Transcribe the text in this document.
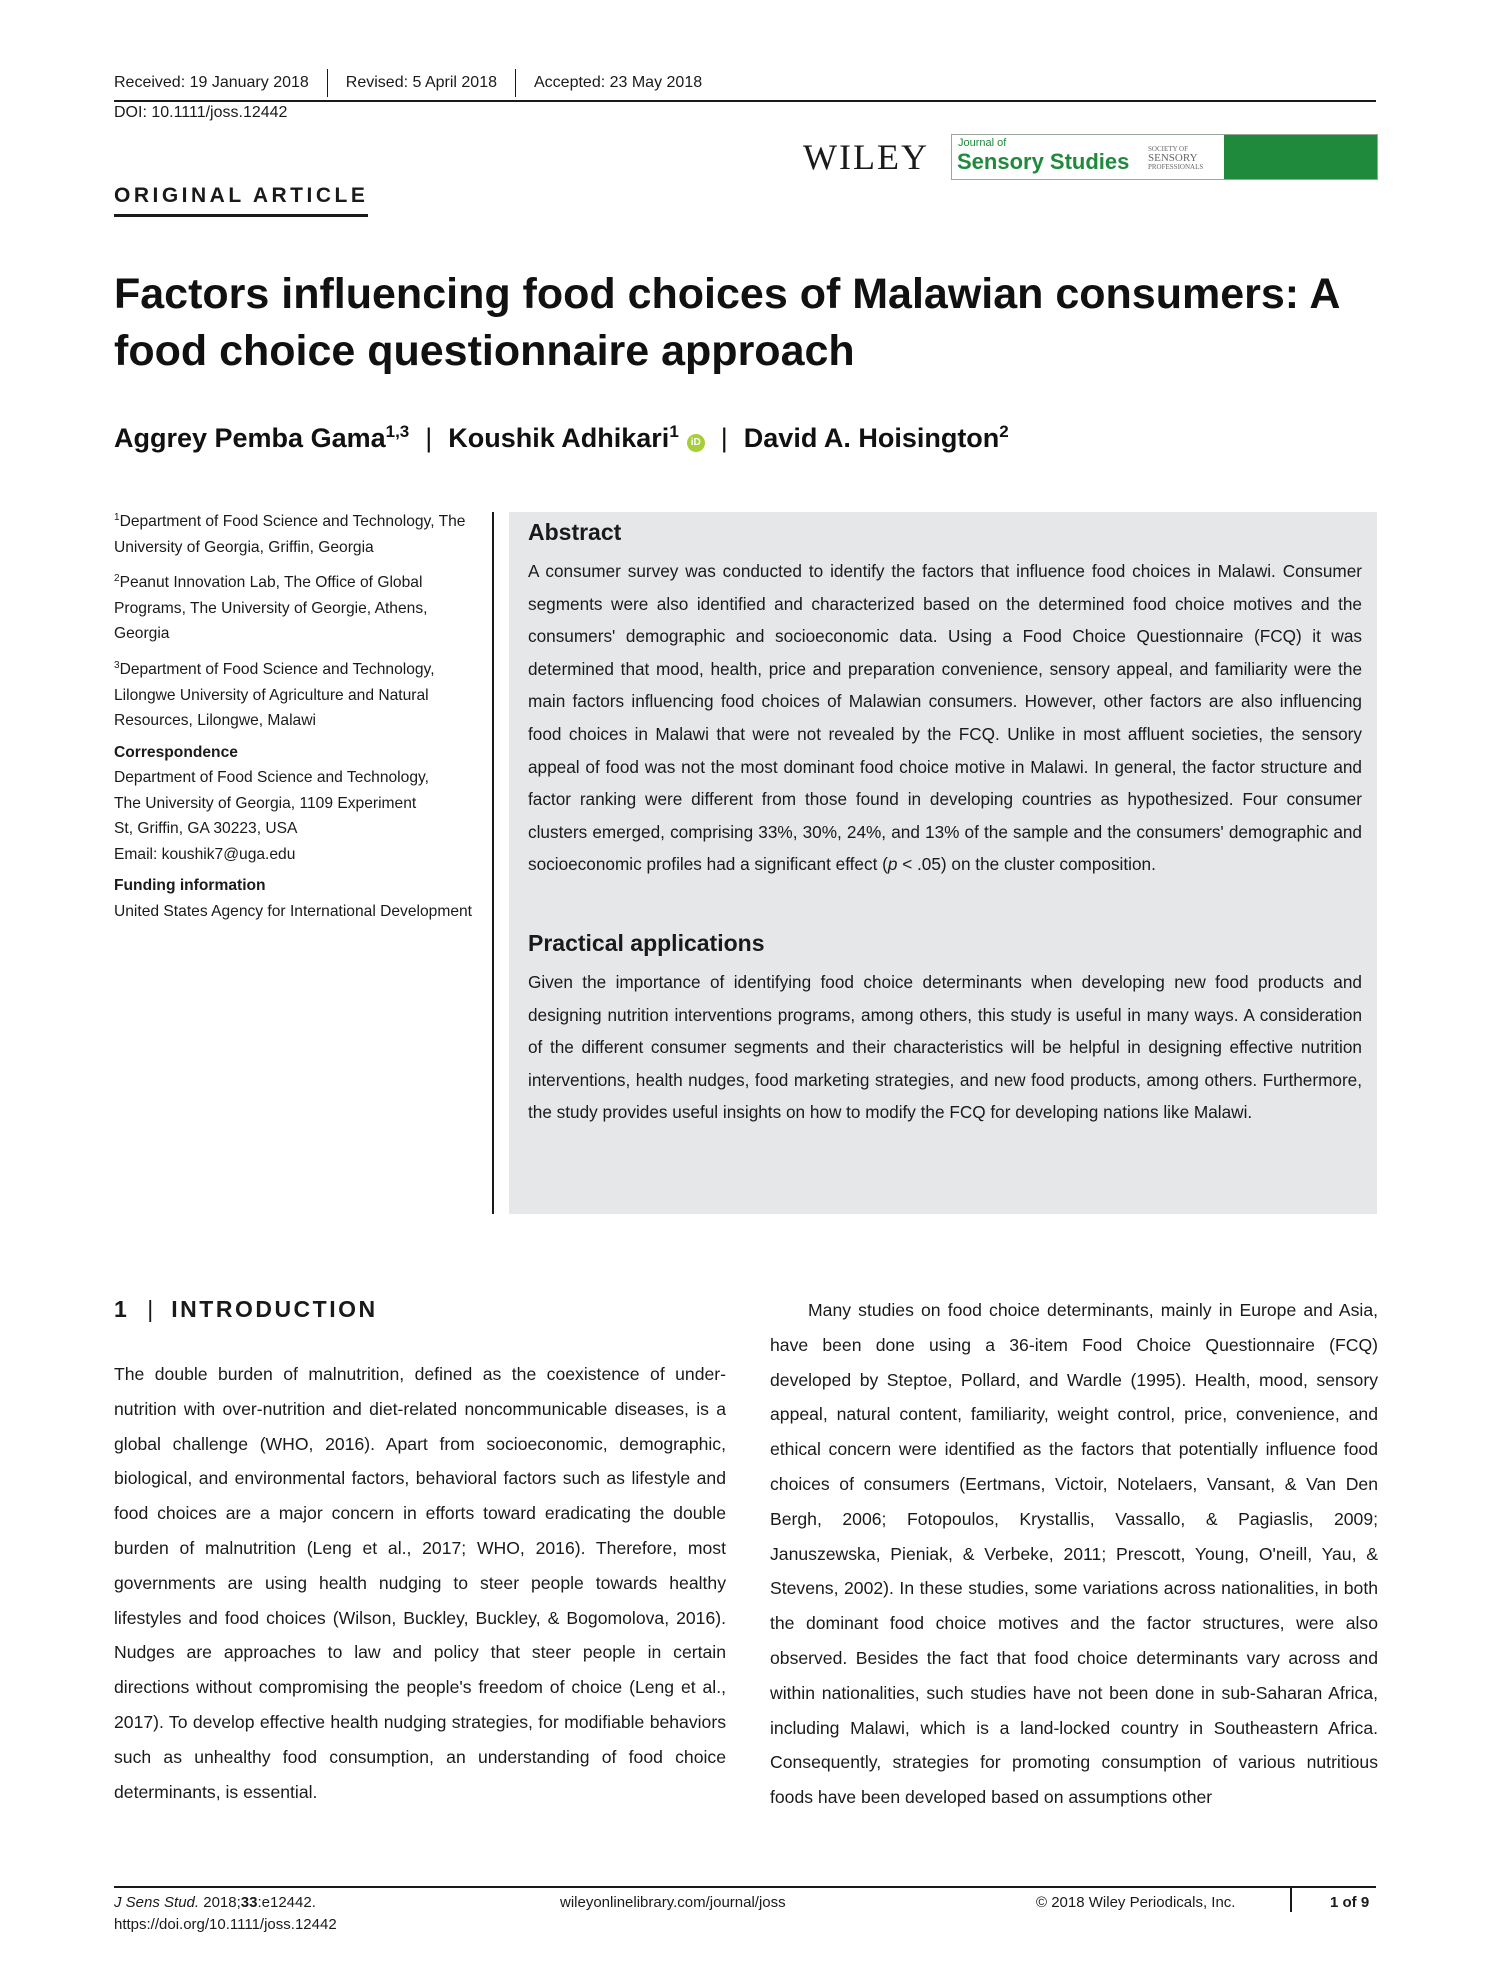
Received: 19 January 2018	Revised: 5 April 2018	Accepted: 23 May 2018
DOI: 10.1111/joss.12442
ORIGINAL ARTICLE
WILEY	Journal of
Sensory Studies	SOCIETY OF
SENSORY
PROFESSIONALS
Factors influencing food choices of Malawian consumers: A food choice questionnaire approach
Aggrey Pemba Gama$^{1,3}$ | Koushik Adhikari$^1$
iD | David A. Hoisington$^2$

$^1$Department of Food Science and Technology, The University of Georgia, Griffin, Georgia

$^2$Peanut Innovation Lab, The Office of Global Programs, The University of Georgie, Athens, Georgia

$^3$Department of Food Science and Technology, Lilongwe University of Agriculture and Natural Resources, Lilongwe, Malawi

Correspondence
Department of Food Science and Technology,
The University of Georgia, 1109 Experiment
St, Griffin, GA 30223, USA
Email: koushik7@uga.edu
Funding information
United States Agency for International Development
Abstract

A consumer survey was conducted to identify the factors that influence food choices in Malawi. Consumer segments were also identified and characterized based on the determined food choice motives and the consumers' demographic and socioeconomic data. Using a Food Choice Questionnaire (FCQ) it was determined that mood, health, price and preparation convenience, sensory appeal, and familiarity were the main factors influencing food choices of Malawian consumers. However, other factors are also influencing food choices in Malawi that were not revealed by the FCQ. Unlike in most affluent societies, the sensory appeal of food was not the most dominant food choice motive in Malawi. In general, the factor structure and factor ranking were different from those found in developing countries as hypothesized. Four consumer clusters emerged, comprising 33%, 30%, 24%, and 13% of the sample and the consumers' demographic and socioeconomic profiles had a significant effect (p < .05) on the cluster composition.

Practical applications

Given the importance of identifying food choice determinants when developing new food products and designing nutrition interventions programs, among others, this study is useful in many ways. A consideration of the different consumer segments and their characteristics will be helpful in designing effective nutrition interventions, health nudges, food marketing strategies, and new food products, among others. Furthermore, the study provides useful insights on how to modify the FCQ for developing nations like Malawi.

1 | INTRODUCTION

The double burden of malnutrition, defined as the coexistence of under-nutrition with over-nutrition and diet-related noncommunicable diseases, is a global challenge (WHO, 2016). Apart from socioeconomic, demographic, biological, and environmental factors, behavioral factors such as lifestyle and food choices are a major concern in efforts toward eradicating the double burden of malnutrition (Leng et al., 2017; WHO, 2016). Therefore, most governments are using health nudging to steer people towards healthy lifestyles and food choices (Wilson, Buckley, Buckley, & Bogomolova, 2016). Nudges are approaches to law and policy that steer people in certain directions without compromising the people's freedom of choice (Leng et al., 2017). To develop effective health nudging strategies, for modifiable behaviors such as unhealthy food consumption, an understanding of food choice determinants, is essential.

Many studies on food choice determinants, mainly in Europe and Asia, have been done using a 36-item Food Choice Questionnaire (FCQ) developed by Steptoe, Pollard, and Wardle (1995). Health, mood, sensory appeal, natural content, familiarity, weight control, price, convenience, and ethical concern were identified as the factors that potentially influence food choices of consumers (Eertmans, Victoir, Notelaers, Vansant, & Van Den Bergh, 2006; Fotopoulos, Krystallis, Vassallo, & Pagiaslis, 2009; Januszewska, Pieniak, & Verbeke, 2011; Prescott, Young, O'neill, Yau, & Stevens, 2002). In these studies, some variations across nationalities, in both the dominant food choice motives and the factor structures, were also observed. Besides the fact that food choice determinants vary across and within nationalities, such studies have not been done in sub-Saharan Africa, including Malawi, which is a land-locked country in Southeastern Africa. Consequently, strategies for promoting consumption of various nutritious foods have been developed based on assumptions other

J Sens Stud. 2018;33:e12442.
https://doi.org/10.1111/joss.12442
wileyonlinelibrary.com/journal/joss	© 2018 Wiley Periodicals, Inc.	1 of 9
